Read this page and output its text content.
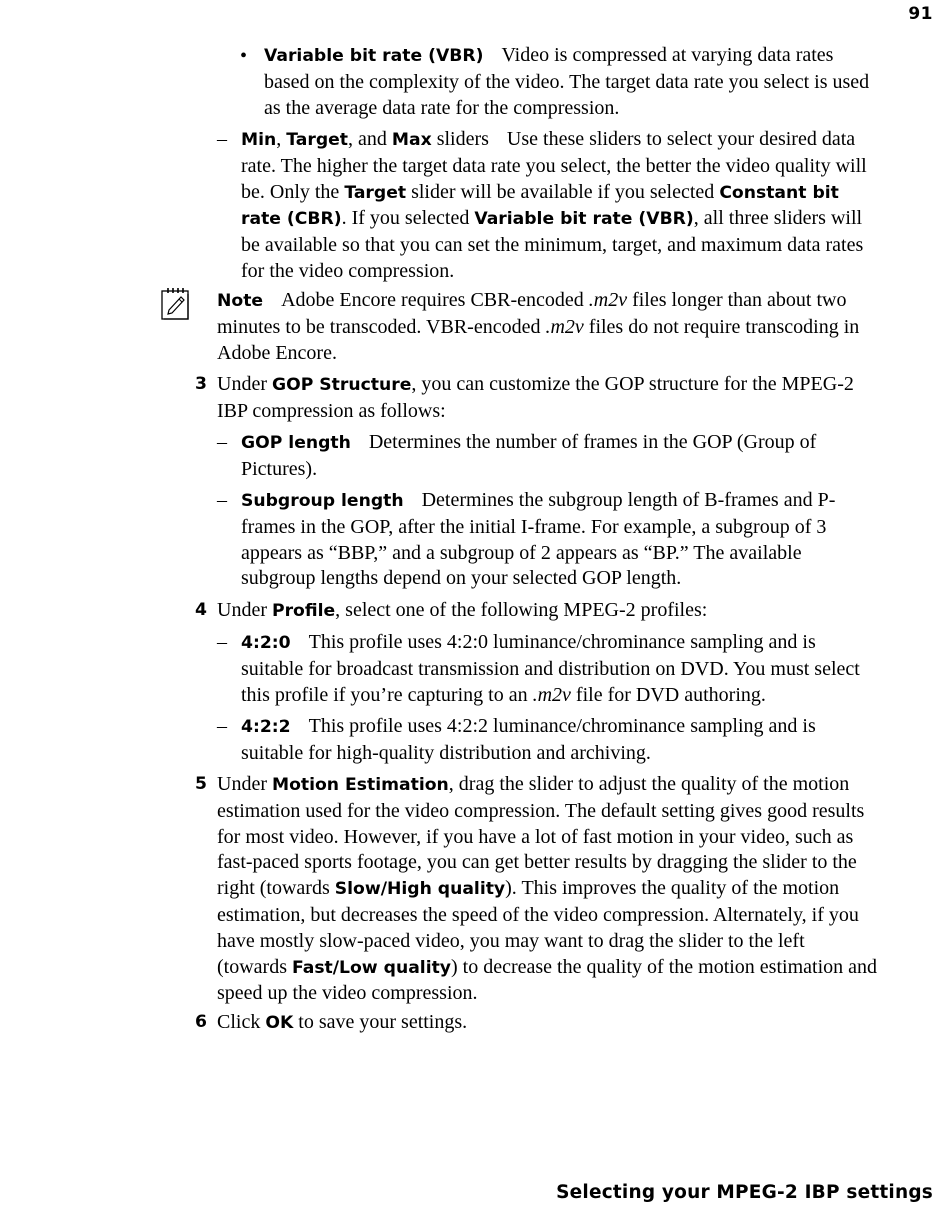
91
• Variable bit rate (VBR) Video is compressed at varying data rates based on the complexity of the video. The target data rate you select is used as the average data rate for the compression.
– Min, Target, and Max sliders Use these sliders to select your desired data rate. The higher the target data rate you select, the better the video quality will be. Only the Target slider will be available if you selected Constant bit rate (CBR). If you selected Variable bit rate (VBR), all three sliders will be available so that you can set the minimum, target, and maximum data rates for the video compression.
Note Adobe Encore requires CBR-encoded .m2v files longer than about two minutes to be transcoded. VBR-encoded .m2v files do not require transcoding in Adobe Encore.
3 Under GOP Structure, you can customize the GOP structure for the MPEG-2 IBP compression as follows:
– GOP length Determines the number of frames in the GOP (Group of Pictures).
– Subgroup length Determines the subgroup length of B-frames and P-frames in the GOP, after the initial I-frame. For example, a subgroup of 3 appears as “BBP,” and a subgroup of 2 appears as “BP.” The available subgroup lengths depend on your selected GOP length.
4 Under Profile, select one of the following MPEG-2 profiles:
– 4:2:0 This profile uses 4:2:0 luminance/chrominance sampling and is suitable for broadcast transmission and distribution on DVD. You must select this profile if you’re capturing to an .m2v file for DVD authoring.
– 4:2:2 This profile uses 4:2:2 luminance/chrominance sampling and is suitable for high-quality distribution and archiving.
5 Under Motion Estimation, drag the slider to adjust the quality of the motion estimation used for the video compression. The default setting gives good results for most video. However, if you have a lot of fast motion in your video, such as fast-paced sports footage, you can get better results by dragging the slider to the right (towards Slow/High quality). This improves the quality of the motion estimation, but decreases the speed of the video compression. Alternately, if you have mostly slow-paced video, you may want to drag the slider to the left (towards Fast/Low quality) to decrease the quality of the motion estimation and speed up the video compression.
6 Click OK to save your settings.
Selecting your MPEG-2 IBP settings
